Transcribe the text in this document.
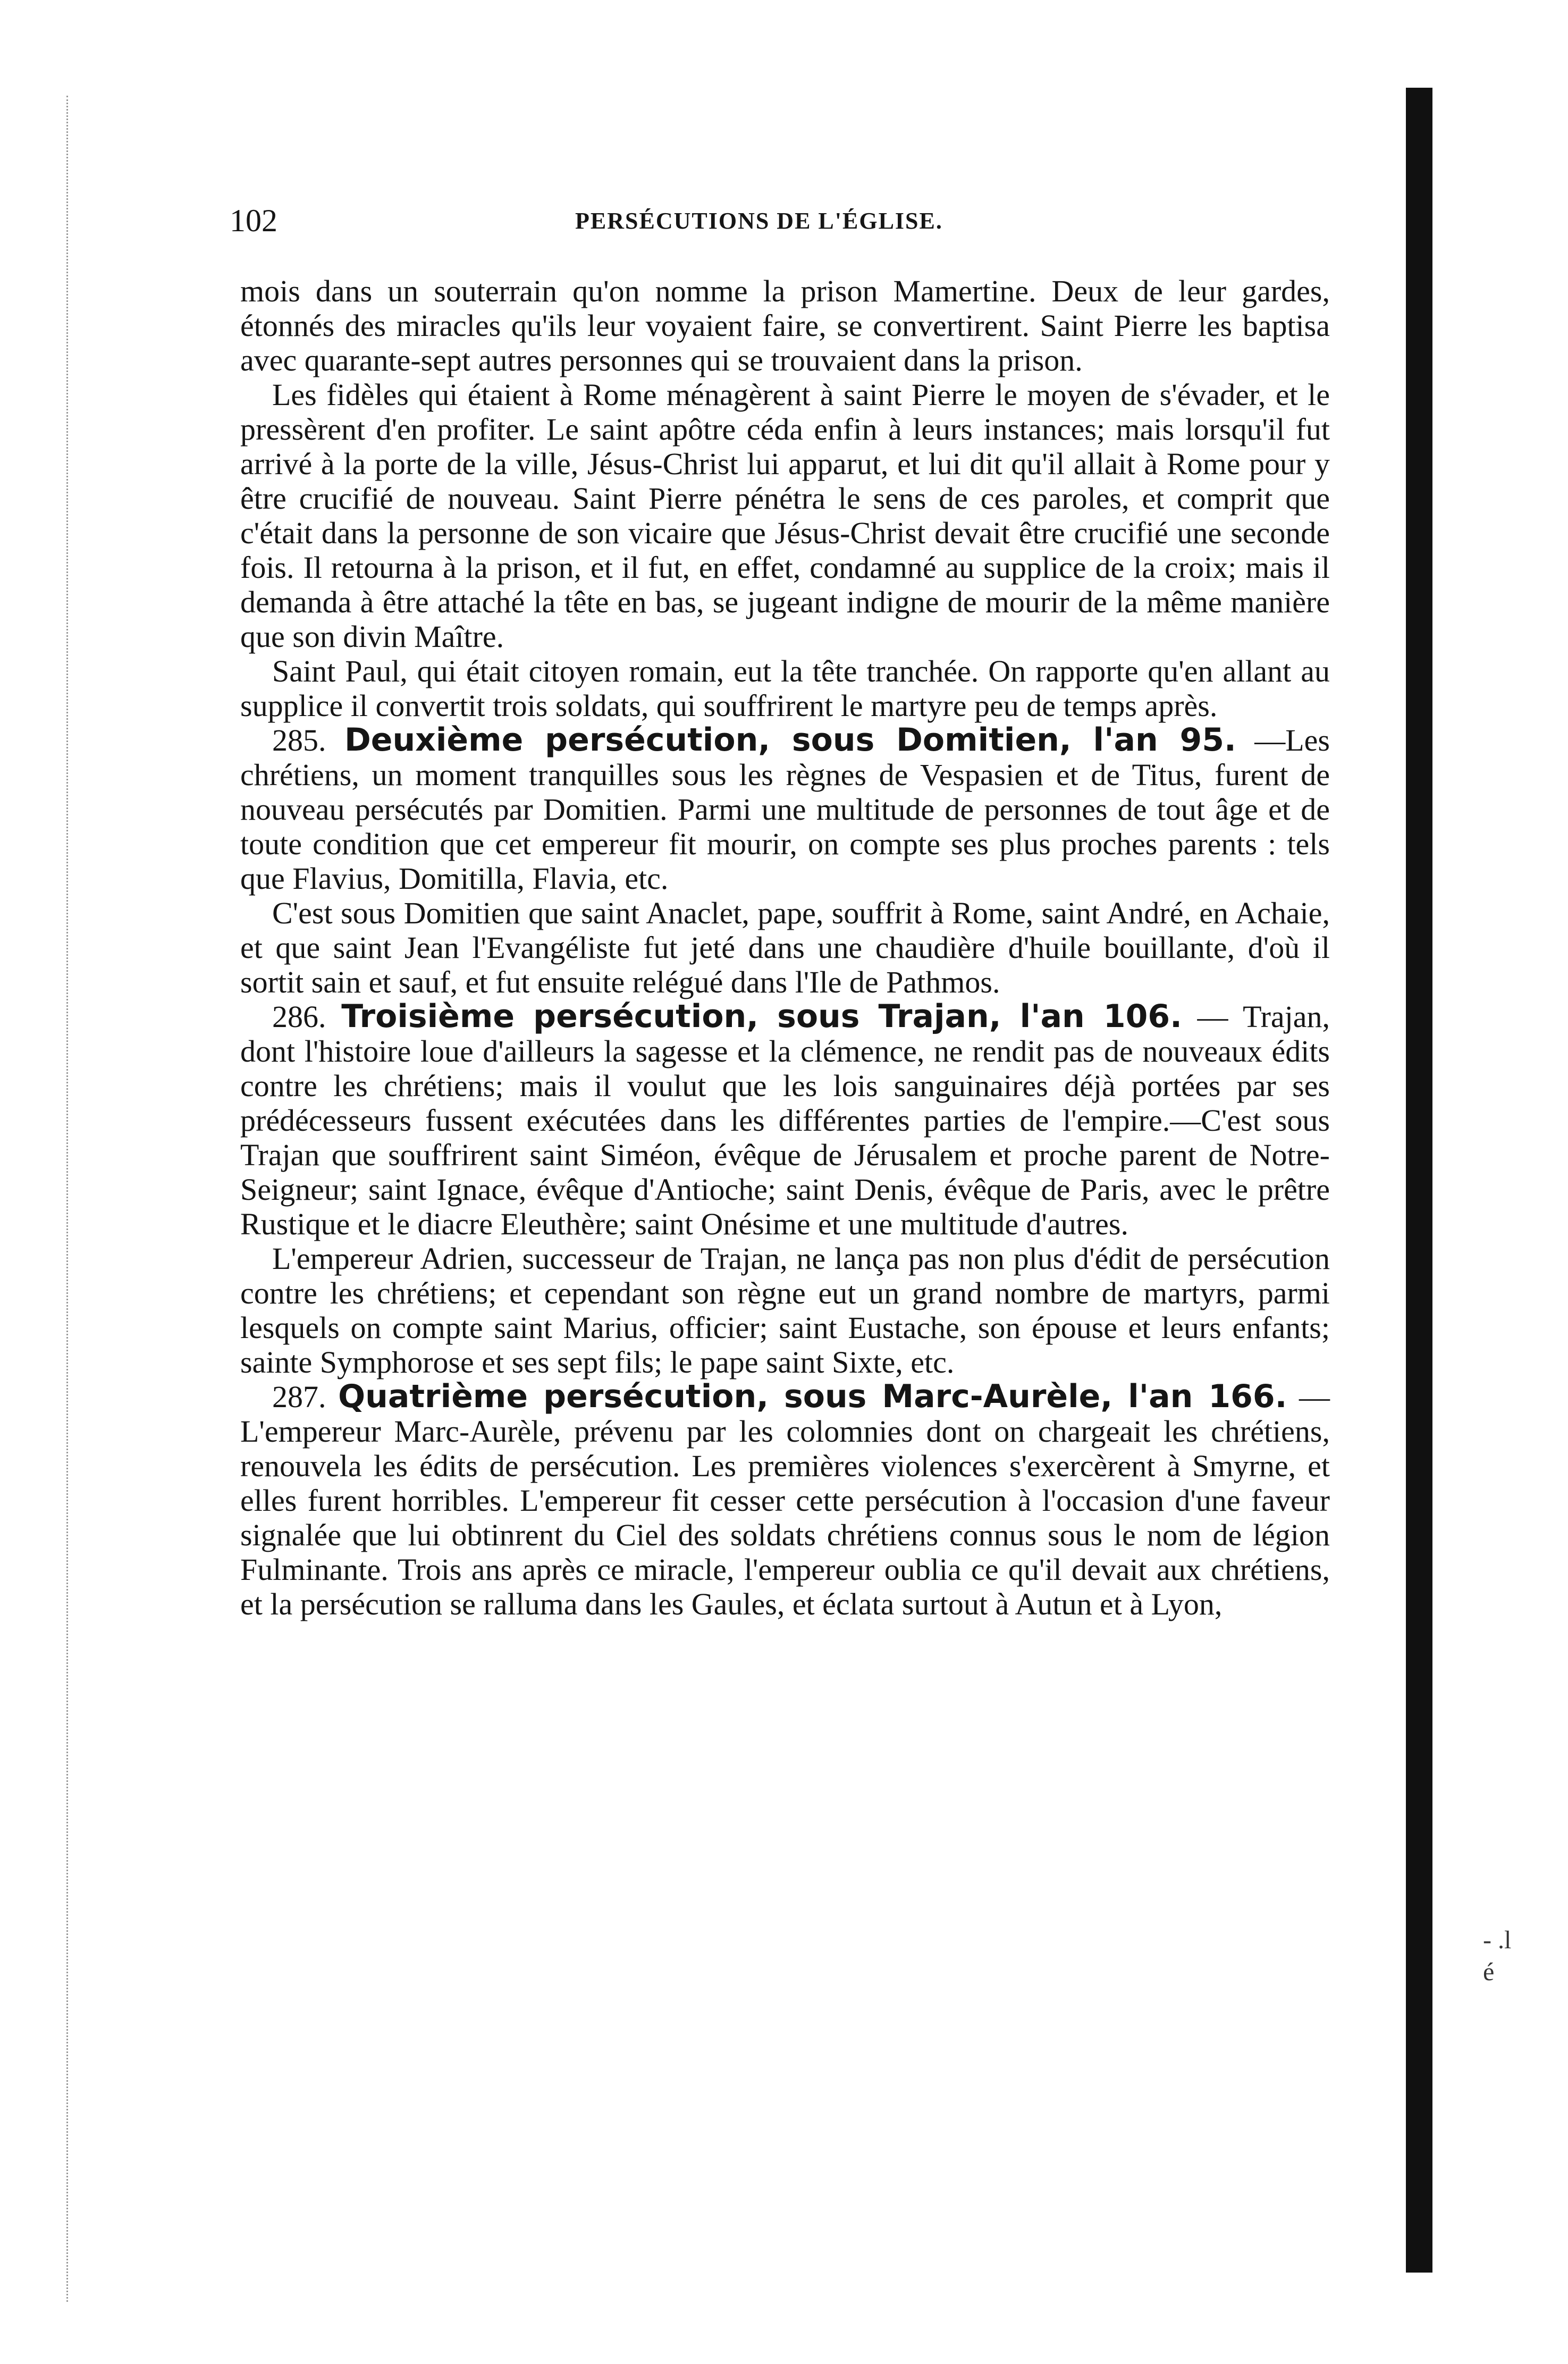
102	PERSÉCUTIONS DE L'ÉGLISE.

mois dans un souterrain qu'on nomme la prison Mamertine. Deux de leur gardes, étonnés des miracles qu'ils leur voyaient faire, se convertirent. Saint Pierre les baptisa avec quarante-sept autres personnes qui se trouvaient dans la prison.

Les fidèles qui étaient à Rome ménagèrent à saint Pierre le moyen de s'évader, et le pressèrent d'en profiter. Le saint apôtre céda enfin à leurs instances; mais lorsqu'il fut arrivé à la porte de la ville, Jésus-Christ lui apparut, et lui dit qu'il allait à Rome pour y être crucifié de nouveau. Saint Pierre pénétra le sens de ces paroles, et comprit que c'était dans la personne de son vicaire que Jésus-Christ devait être crucifié une seconde fois. Il retourna à la prison, et il fut, en effet, condamné au supplice de la croix; mais il demanda à être attaché la tête en bas, se jugeant indigne de mourir de la même manière que son divin Maître.

Saint Paul, qui était citoyen romain, eut la tête tranchée. On rapporte qu'en allant au supplice il convertit trois soldats, qui souffrirent le martyre peu de temps après.

285. Deuxième persécution, sous Domitien, l'an 95. —Les chrétiens, un moment tranquilles sous les règnes de Vespasien et de Titus, furent de nouveau persécutés par Domitien. Parmi une multitude de personnes de tout âge et de toute condition que cet empereur fit mourir, on compte ses plus proches parents : tels que Flavius, Domitilla, Flavia, etc.

C'est sous Domitien que saint Anaclet, pape, souffrit à Rome, saint André, en Achaie, et que saint Jean l'Evangéliste fut jeté dans une chaudière d'huile bouillante, d'où il sortit sain et sauf, et fut ensuite relégué dans l'Ile de Pathmos.

286. Troisième persécution, sous Trajan, l'an 106. — Trajan, dont l'histoire loue d'ailleurs la sagesse et la clémence, ne rendit pas de nouveaux édits contre les chrétiens; mais il voulut que les lois sanguinaires déjà portées par ses prédécesseurs fussent exécutées dans les différentes parties de l'empire.—C'est sous Trajan que souffrirent saint Siméon, évêque de Jérusalem et proche parent de Notre-Seigneur; saint Ignace, évêque d'Antioche; saint Denis, évêque de Paris, avec le prêtre Rustique et le diacre Eleuthère; saint Onésime et une multitude d'autres.

L'empereur Adrien, successeur de Trajan, ne lança pas non plus d'édit de persécution contre les chrétiens; et cependant son règne eut un grand nombre de martyrs, parmi lesquels on compte saint Marius, officier; saint Eustache, son épouse et leurs enfants; sainte Symphorose et ses sept fils; le pape saint Sixte, etc.

287. Quatrième persécution, sous Marc-Aurèle, l'an 166. —L'empereur Marc-Aurèle, prévenu par les colomnies dont on chargeait les chrétiens, renouvela les édits de persécution. Les premières violences s'exercèrent à Smyrne, et elles furent horribles. L'empereur fit cesser cette persécution à l'occasion d'une faveur signalée que lui obtinrent du Ciel des soldats chrétiens connus sous le nom de légion Fulminante. Trois ans après ce miracle, l'empereur oublia ce qu'il devait aux chrétiens, et la persécution se ralluma dans les Gaules, et éclata surtout à Autun et à Lyon,

- .l
é
